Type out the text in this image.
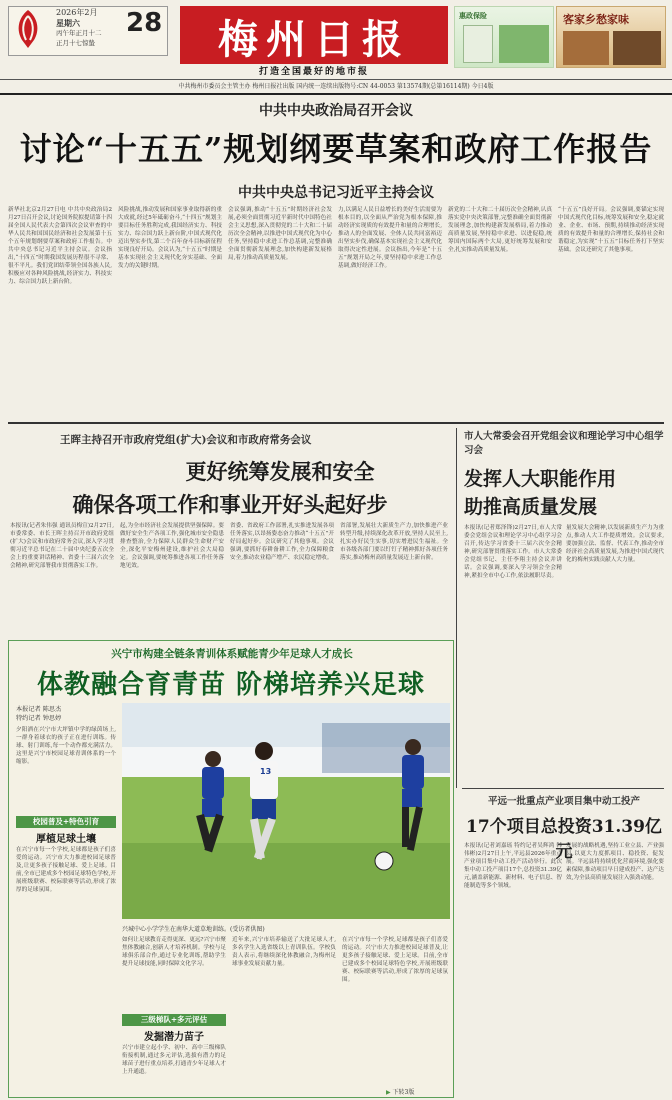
2026年2月
星期六
丙午年正月十二
正月十七惊蛰
28	梅州日报
打造全国最好的地市报
惠政保险	客家乡愁家味
中共梅州市委员会主管主办 梅州日报社出版 国内统一连续出版物号:CN 44-0053 第13574期(总第16114期) 今日4版
中共中央政治局召开会议
讨论“十五五”规划纲要草案和政府工作报告
中共中央总书记习近平主持会议
新华社北京2月27日电 中共中央政治局2月27日召开会议,讨论国务院拟提请第十四届全国人民代表大会第四次会议审查的中华人民共和国国民经济和社会发展第十五个五年规划纲要草案和政府工作报告。中共中央总书记习近平主持会议。会议指出,“十四五”时期我国发展历程很不寻常、很不平凡。我们党团结带领全国各族人民,积极应对各种风险挑战,经济实力、科技实力、综合国力跃上新台阶。
风险挑战,推动发展和国家事业取得新的重大成就,经过5年砥砺奋斗,“十四五”规划主要目标任务胜利完成,我国经济实力、科技实力、综合国力跃上新台阶,中国式现代化迈出坚实步伐,第二个百年奋斗目标新征程实现良好开局。会议认为,“十五五”时期是基本实现社会主义现代化夯实基础、全面发力的关键时期。
会议强调,推动“十五五”时期经济社会发展,必须全面贯彻习近平新时代中国特色社会主义思想,深入贯彻党的二十大和二十届历次全会精神,以推进中国式现代化为中心任务,坚持稳中求进工作总基调,完整准确全面贯彻新发展理念,加快构建新发展格局,着力推动高质量发展。
力,以满足人民日益增长的美好生活需要为根本目的,以全面从严治党为根本保障,推动经济实现质的有效提升和量的合理增长,推动人的全面发展、全体人民共同富裕迈出坚实步伐,确保基本实现社会主义现代化取得决定性进展。会议指出,今年是“十五五”规划开局之年,要坚持稳中求进工作总基调,做好经济工作。
新党的二十大和二十届历次全会精神,认真落实党中央决策部署,完整准确全面贯彻新发展理念,加快构建新发展格局,着力推动高质量发展,坚持稳中求进、以进促稳,统筹国内国际两个大局,更好统筹发展和安全,扎实推动高质量发展。
“十五五”良好开局。会议强调,要锚定实现中国式现代化目标,统筹发展和安全,稳定就业、企业、市场、预期,持续推动经济实现质的有效提升和量的合理增长,保持社会和谐稳定,为实现“十五五”目标任务打下坚实基础。会议还研究了其他事项。
王晖主持召开市政府党组(扩大)会议和市政府常务会议
更好统筹发展和安全
确保各项工作和事业开好头起好步
本报讯(记者朱伟强 通讯员梅宣)2月27日,市委常委、市长王晖主持召开市政府党组(扩大)会议和市政府常务会议,深入学习贯彻习近平总书记在二十届中央纪委五次全会上的重要讲话精神、省委十三届六次全会精神,研究部署我市贯彻落实工作。
起,为全市经济社会发展提供坚强保障。要做好安全生产各项工作,强化城市安全隐患排查整治,全力保障人民群众生命财产安全,深化平安梅州建设,维护社会大局稳定。会议强调,要统筹推进各项工作任务落地见效。
省委、省政府工作部署,扎实推进发展各项任务落实,以昂扬姿态奋力推动“十五五”开好局起好步。会议研究了其他事项。会议强调,要抓好春耕备耕工作,全力保障粮食安全,推动农业稳产增产、农民稳定增收。
省部署,发展壮大新质生产力,加快推进产业转型升级,持续深化改革开放,坚持人民至上,扎实办好民生实事,切实增进民生福祉。全市各级各部门要以钉钉子精神抓好各项任务落实,推动梅州高质量发展迈上新台阶。
市人大常委会召开党组会议和理论学习中心组学习会
发挥人大职能作用
助推高质量发展
本报讯(记者郑泽锋)2月27日,市人大常委会党组会议和理论学习中心组学习会召开,传达学习省委十三届六次全会精神,研究部署贯彻落实工作。市人大常委会党组书记、主任李翔主持会议并讲话。会议强调,要深入学习领会全会精神,紧扣全市中心工作,依法履职尽责。
量发展大会精神,以发展新质生产力为重点,推动人大工作提质增效。会议要求,要加强立法、监督、代表工作,推动全市经济社会高质量发展,为推进中国式现代化的梅州实践贡献人大力量。
兴宁市构建全链条青训体系赋能青少年足球人才成长
体教融合育青苗 阶梯培养兴足球
本报记者 陈思杰
特约记者 钟思婷
夕阳洒在兴宁市大坪镇中学的绿茵场上,一群身着球衣的孩子正在进行训练。传球、射门训练,每一个动作都充满活力。这里是兴宁市校园足球青训体系的一个缩影。
校园普及+特色引育
厚植足球土壤
在兴宁市每一个学校,足球都是孩子们喜爱的运动。兴宁市大力推进校园足球普及,让更多孩子接触足球、爱上足球。目前,全市已建成多个校园足球特色学校,开展班级联赛、校际联赛等活动,形成了浓厚的足球氛围。
13
兴城中心小学学生在南华大道草地训练。(受访者供图)
如何让足球教育走得更深、更远?兴宁市聚焦体教融合,创新人才培养机制。学校与足球俱乐部合作,通过专业化训练,帮助学生提升足球技能,同时保障文化学习。
三级梯队+多元评估
发掘潜力苗子
兴宁市建立起小学、初中、高中三级梯队衔接机制,通过多元评估,选拔有潜力的足球苗子进行重点培养,打通青少年足球人才上升通道。
近年来,兴宁市培养输送了大批足球人才,多名学生入选省级以上青训队伍。学校负责人表示,将继续深化体教融合,为梅州足球事业发展贡献力量。
在兴宁市每一个学校,足球都是孩子们喜爱的运动。兴宁市大力推进校园足球普及,让更多孩子接触足球、爱上足球。目前,全市已建成多个校园足球特色学校,开展班级联赛、校际联赛等活动,形成了浓厚的足球氛围。
▶ 下转3版
平远一批重点产业项目集中动工投产
17个项目总投资31.39亿元
本报讯(记者刘嘉瑶 特约记者吴辉鸿 韩伟彬)2月27日上午,平远县2026年重点产业项目集中动工投产活动举行。此次集中动工投产项目17个,总投资31.39亿元,涵盖新能源、新材料、电子信息、智能制造等多个领域。
发展的战略机遇,坚持工业立县、产业强县,以更大力度抓项目、稳投资、促发展。平远县将持续优化营商环境,强化要素保障,推动项目早日建成投产、达产达效,为全县高质量发展注入强劲动能。
